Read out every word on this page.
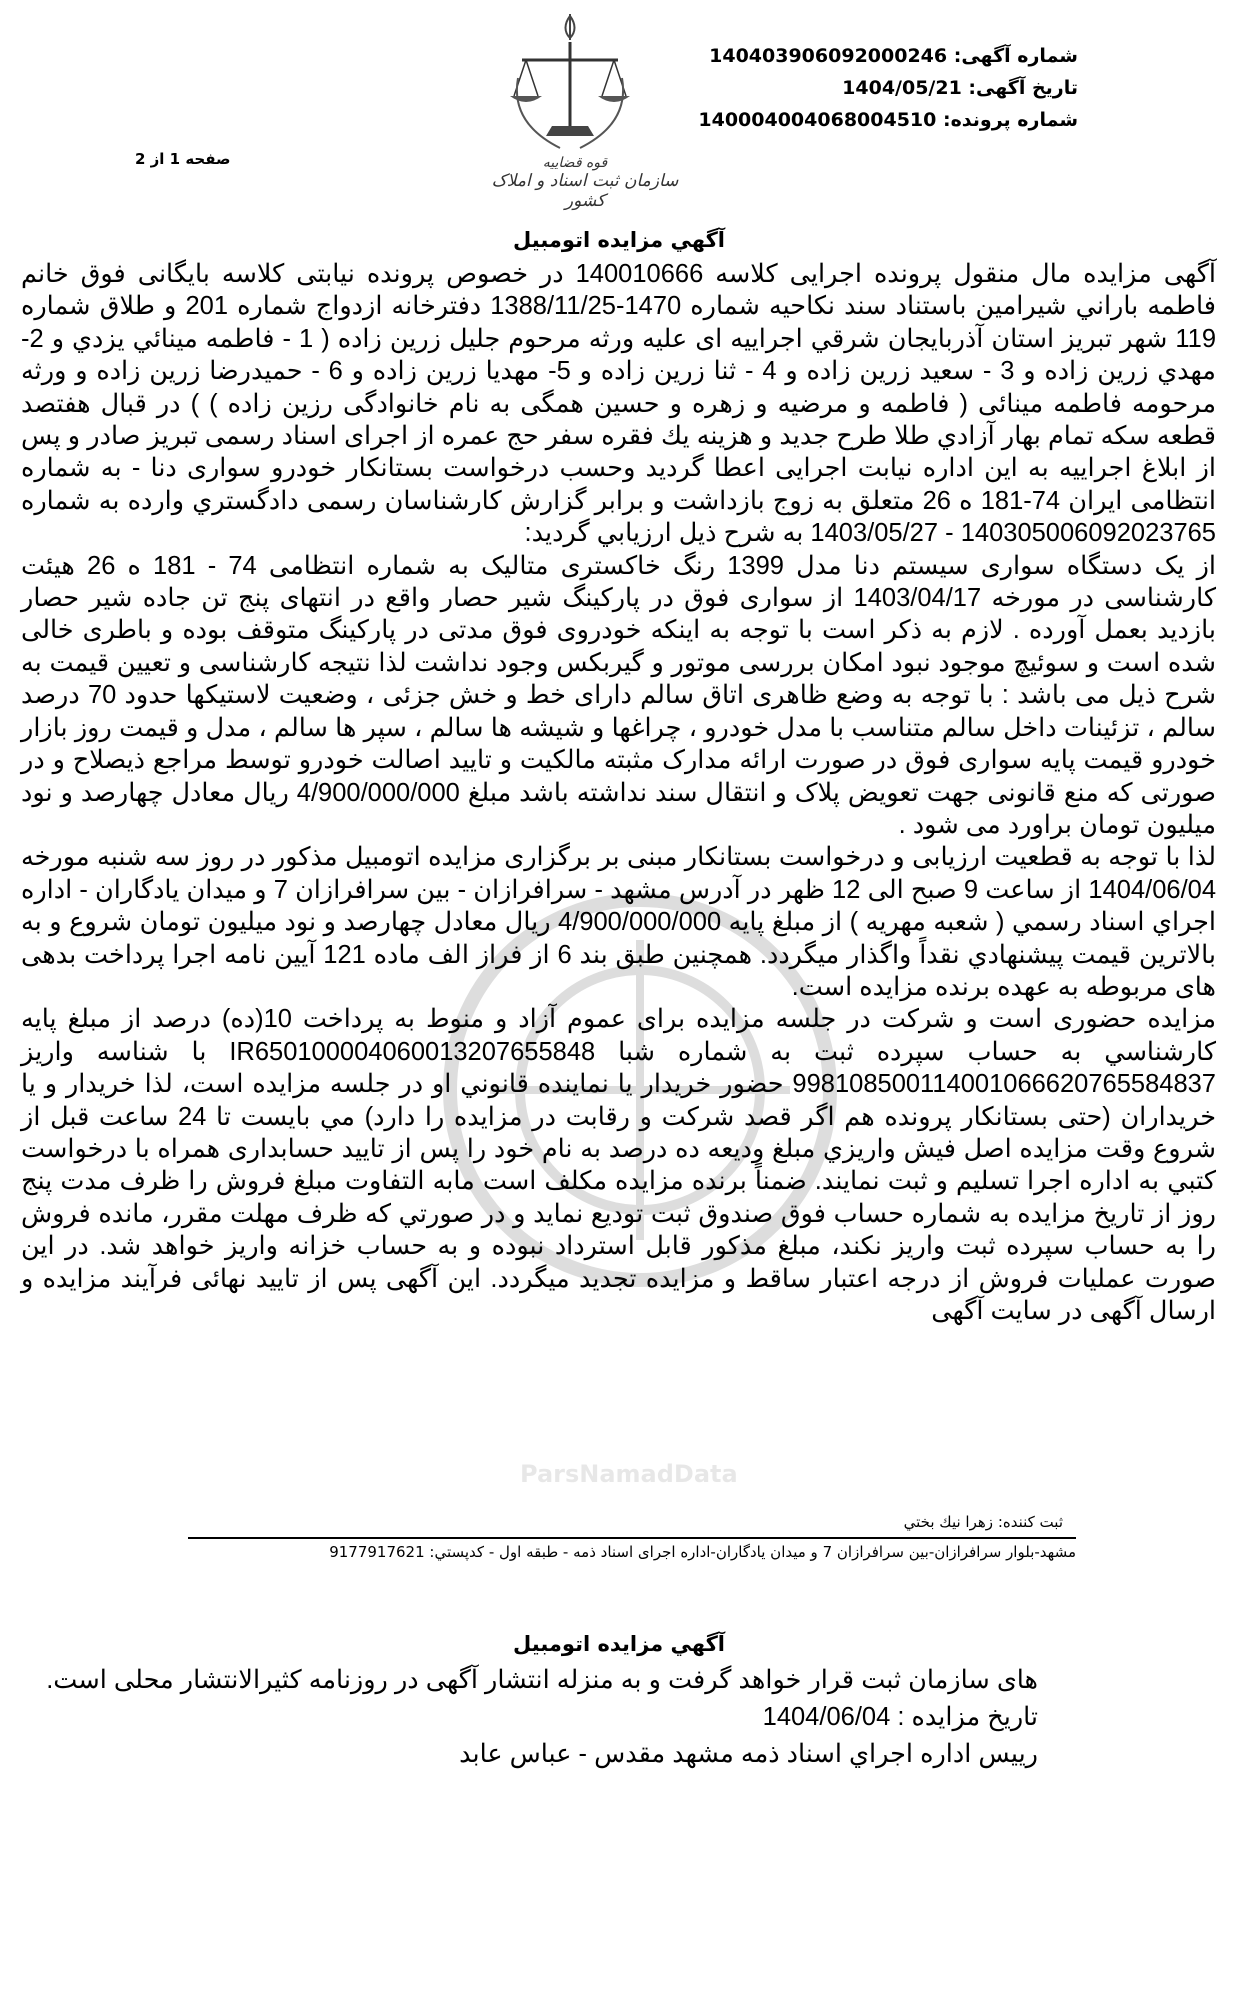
قوه قضاییه
سازمان ثبت اسناد و املاک کشور
شماره آگهی: 140403906092000246
تاریخ آگهی: 1404/05/21
شماره پرونده: 140004004068004510
صفحه 1 از 2
ParsNamadData
آگهي مزايده اتومبيل

آگهی مزایده مال منقول پرونده اجرایی کلاسه 140010666 در خصوص پرونده نیابتی کلاسه بایگانی فوق خانم فاطمه باراني شيرامين باستناد سند نكاحيه شماره 1470-1388/11/25 دفترخانه ازدواج شماره 201 و طلاق شماره 119 شهر تبريز استان آذربايجان شرقي اجراییه ای علیه ورثه مرحوم جليل زرين زاده ( 1 - فاطمه مينائي يزدي و 2- مهدي زرين زاده و 3 - سعید زرین زاده و 4 - ثنا زرين زاده و 5- مهديا زرين زاده و 6 - حمیدرضا زرين زاده و ورثه مرحومه فاطمه مینائی ( فاطمه و مرضيه و زهره و حسين همگی به نام خانوادگی رزین زاده ) ) در قبال هفتصد قطعه سكه تمام بهار آزادي طلا طرح جديد و هزينه يك فقره سفر حج عمره از اجرای اسناد رسمی تبریز صادر و پس از ابلاغ اجراییه به این اداره نیابت اجرایی اعطا گردید وحسب درخواست بستانكار خودرو سواری دنا - به شماره انتظامی ایران 74-181 ه 26 متعلق به زوج بازداشت و برابر گزارش كارشناسان رسمی دادگستري وارده به شماره 14030500609202376‌5 - 1403/05/27 به شرح ذيل ارزيابي گرديد:

از یک دستگاه سواری سیستم دنا مدل 1399 رنگ خاکستری متالیک به شماره انتظامی 74 - 181 ه 26 هیئت کارشناسی در مورخه 1403/04/17 از سواری فوق در پارکینگ شیر حصار واقع در انتهای پنج تن جاده شیر حصار بازدید بعمل آورده . لازم به ذکر است با توجه به اینکه خودروی فوق مدتی در پارکینگ متوقف بوده و باطری خالی شده است و سوئیچ موجود نبود امکان بررسی موتور و گیربکس وجود نداشت لذا نتیجه کارشناسی و تعیین قیمت به شرح ذیل می باشد : با توجه به وضع ظاهری اتاق سالم دارای خط و خش جزئی ، وضعیت لاستیکها حدود 70 درصد سالم ، تزئینات داخل سالم متناسب با مدل خودرو ، چراغها و شیشه ها سالم ، سپر ها سالم ، مدل و قیمت روز بازار خودرو قیمت پایه سواری فوق در صورت ارائه مدارک مثبته مالکیت و تایید اصالت خودرو توسط مراجع ذیصلاح و در صورتی که منع قانونی جهت تعویض پلاک و انتقال سند نداشته باشد مبلغ 4/900/000/000 ریال معادل چهارصد و نود میلیون تومان براورد می شود .

لذا با توجه به قطعیت ارزیابی و درخواست بستانكار مبنی بر برگزاری مزایده اتومبیل مذکور در روز سه شنبه مورخه 1404/06/04 از ساعت 9 صبح الی 12 ظهر در آدرس مشهد - سرافرازان - بين سرافرازان 7 و ميدان يادگاران - اداره اجراي اسناد رسمي ( شعبه مهريه ) از مبلغ پايه 4/900/000/000 ريال معادل چهارصد و نود میلیون تومان شروع و به بالاترين قيمت پيشنهادي نقداً واگذار ميگردد. همچنین طبق بند 6 از فراز الف ماده 121 آیین نامه اجرا پرداخت بدهی های مربوطه به عهده برنده مزایده است.

مزایده حضوری است و شرکت در جلسه مزایده برای عموم آزاد و منوط به پرداخت 10(ده) درصد از مبلغ پایه کارشناسي به حساب سپرده ثبت به شماره شبا IR650100004060013207655848 با شناسه واريز 998108500114001066620765584837 حضور خريدار يا نماينده قانوني او در جلسه مزايده است، لذا خريدار و يا خريداران (حتی بستانكار پرونده هم اگر قصد شرکت و رقابت در مزايده را دارد) مي بايست تا 24 ساعت قبل از شروع وقت مزايده اصل فيش واريزي مبلغ وديعه ده درصد به نام خود را پس از تاييد حسابداری همراه با درخواست کتبي به اداره اجرا تسليم و ثبت نمايند. ضمناً برنده مزايده مکلف است مابه التفاوت مبلغ فروش را ظرف مدت پنج روز از تاريخ مزايده به شماره حساب فوق صندوق ثبت توديع نمايد و در صورتي كه ظرف مهلت مقرر، مانده فروش را به حساب سپرده ثبت واريز نكند، مبلغ مذکور قابل استرداد نبوده و به حساب خزانه واريز خواهد شد. در اين صورت عمليات فروش از درجه اعتبار ساقط و مزايده تجديد ميگردد. اين آگهی پس از تاييد نهائی فرآيند مزايده و ارسال آگهی در سايت آگهی

ثبت كننده: زهرا نيك بختي
مشهد-بلوار سرافرازان-بین سرافرازان 7 و میدان یادگاران-اداره اجرای اسناد ذمه - طبقه اول - كدپستي: 9177917621
آگهي مزايده اتومبيل

های سازمان ثبت قرار خواهد گرفت و به منزله انتشار آگهی در روزنامه کثیرالانتشار محلی است.

تاريخ مزايده : 1404/06/04

رييس اداره اجراي اسناد ذمه مشهد مقدس - عباس عابد
